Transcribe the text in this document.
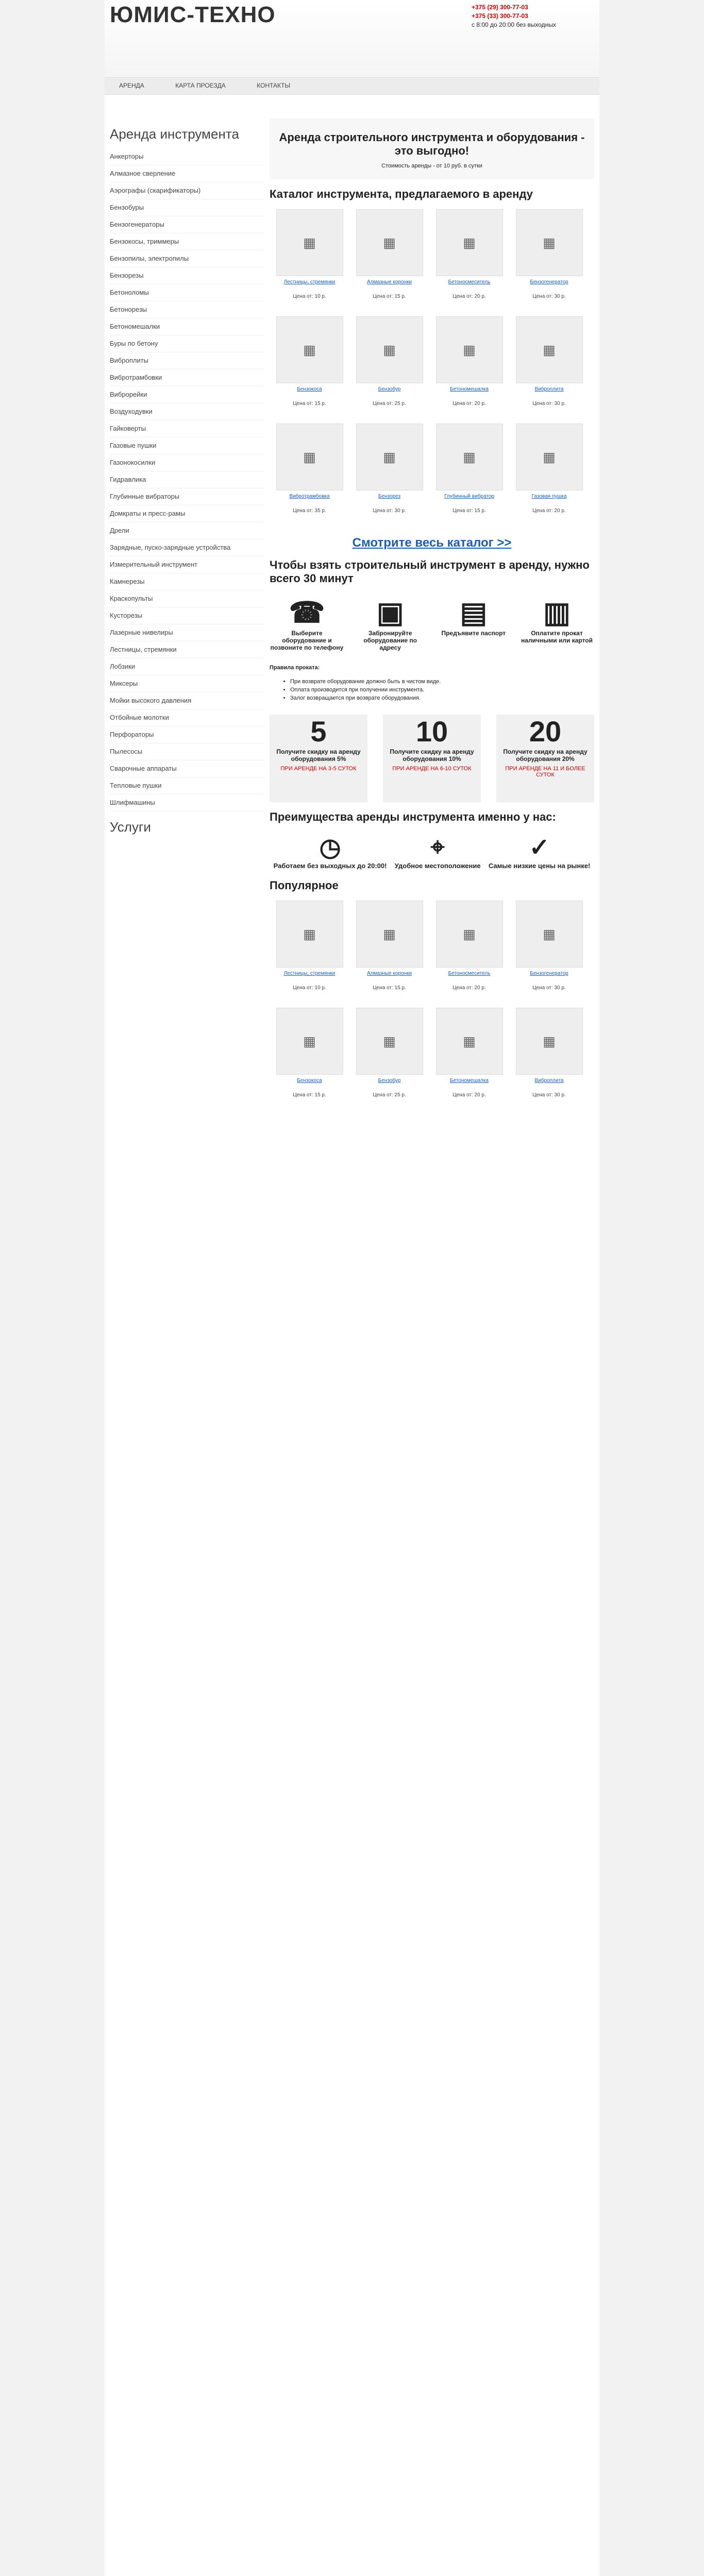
ЮМИС-ТЕХНО	+375 (29) 300-77-03
+375 (33) 300-77-03
с 8:00 до 20:00 без выходных
АРЕНДА	КАРТА ПРОЕЗДА	КОНТАКТЫ
Аренда инструмента
Анкерторы
Алмазное сверление
Аэрографы (скарификаторы)
Бензобуры
Бензогенераторы
Бензокосы, триммеры
Бензопилы, электропилы
Бензорезы
Бетоноломы
Бетонорезы
Бетономешалки
Буры по бетону
Виброплиты
Вибротрамбовки
Виброрейки
Воздуходувки
Гайковерты
Газовые пушки
Газонокосилки
Гидравлика
Глубинные вибраторы
Домкраты и пресс-рамы
Дрели
Зарядные, пуско-зарядные устройства
Измерительный инструмент
Камнерезы
Краскопульты
Кусторезы
Лазерные нивелиры
Лестницы, стремянки
Лобзики
Миксеры
Мойки высокого давления
Отбойные молотки
Перфораторы
Пылесосы
Сварочные аппараты
Тепловые пушки
Шлифмашины
Услуги
Аренда строительного инструмента и оборудования - это выгодно!

Стоимость аренды - от 10 руб. в сутки

Каталог инструмента, предлагаемого в аренду
▦
Лестницы, стремянки
Цена от: 10 р.
▦
Алмазные коронки
Цена от: 15 р.
▦
Бетоносмеситель
Цена от: 20 р.
▦
Бензогенератор
Цена от: 30 р.
▦
Бензокоса
Цена от: 15 р.
▦
Бензобур
Цена от: 25 р.
▦
Бетономешалка
Цена от: 20 р.
▦
Виброплита
Цена от: 30 р.
▦
Вибротрамбовка
Цена от: 35 р.
▦
Бензорез
Цена от: 30 р.
▦
Глубинный вибратор
Цена от: 15 р.
▦
Газовая пушка
Цена от: 20 р.
Смотрите весь каталог >>
Чтобы взять строительный инструмент в аренду, нужно всего 30 минут
☎
Выберите оборудование и позвоните по телефону
▣
Забронируйте оборудование по адресу
▤
Предъявите паспорт
▥
Оплатите прокат наличными или картой
Правила проката:
• При возврате оборудование должно быть в чистом виде.
• Оплата производится при получении инструмента.
• Залог возвращается при возврате оборудования.
5
Получите скидку на аренду оборудования 5%
ПРИ АРЕНДЕ НА 3-5 СУТОК
10
Получите скидку на аренду оборудования 10%
ПРИ АРЕНДЕ НА 6-10 СУТОК
20
Получите скидку на аренду оборудования 20%
ПРИ АРЕНДЕ НА 11 И БОЛЕЕ СУТОК
Преимущества аренды инструмента именно у нас:
◷
Работаем без выходных до 20:00!
⌖
Удобное местоположение
✓
Самые низкие цены на рынке!
Популярное
▦
Лестницы, стремянки
Цена от: 10 р.
▦
Алмазные коронки
Цена от: 15 р.
▦
Бетоносмеситель
Цена от: 20 р.
▦
Бензогенератор
Цена от: 30 р.
▦
Бензокоса
Цена от: 15 р.
▦
Бензобур
Цена от: 25 р.
▦
Бетономешалка
Цена от: 20 р.
▦
Виброплита
Цена от: 30 р.
